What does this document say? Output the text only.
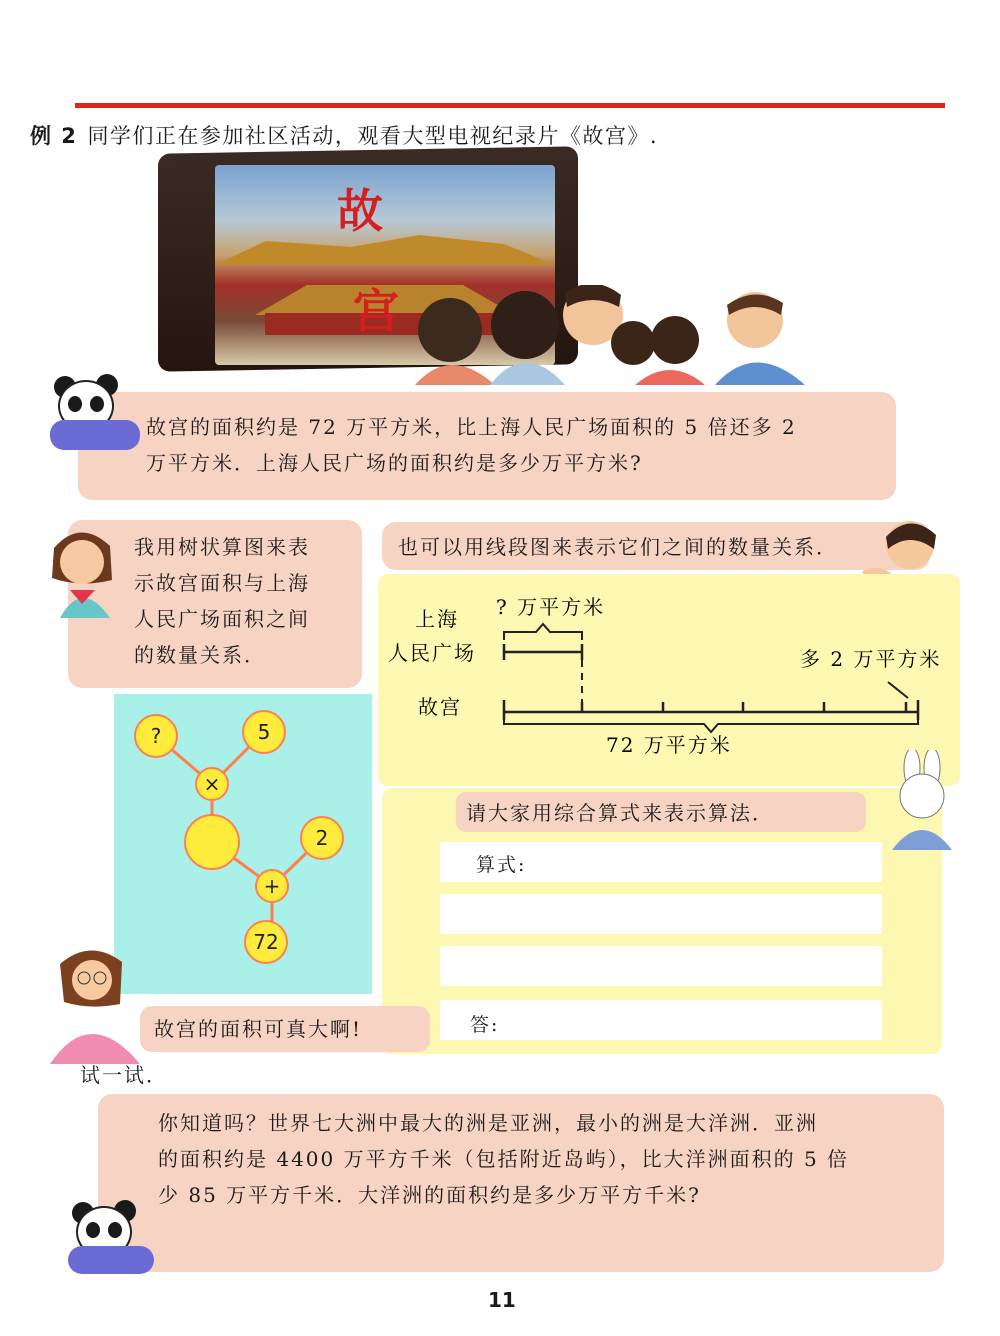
例 2 同学们正在参加社区活动，观看大型电视纪录片《故宫》.
故
宫
故宫的面积约是 72 万平方米，比上海人民广场面积的 5 倍还多 2
万平方米．上海人民广场的面积约是多少万平方米?
我用树状算图来表
示故宫面积与上海
人民广场面积之间
的数量关系．
也可以用线段图来表示它们之间的数量关系．
上海
人民广场
故宫
? 万平方米
多 2 万平方米
72 万平方米
?	5
×
2
+
72
请大家用综合算式来表示算法．
算式:
答:
故宫的面积可真大啊!
试一试．
你知道吗？世界七大洲中最大的洲是亚洲，最小的洲是大洋洲．亚洲
的面积约是 4400 万平方千米（包括附近岛屿），比大洋洲面积的 5 倍
少 85 万平方千米．大洋洲的面积约是多少万平方千米?
11
